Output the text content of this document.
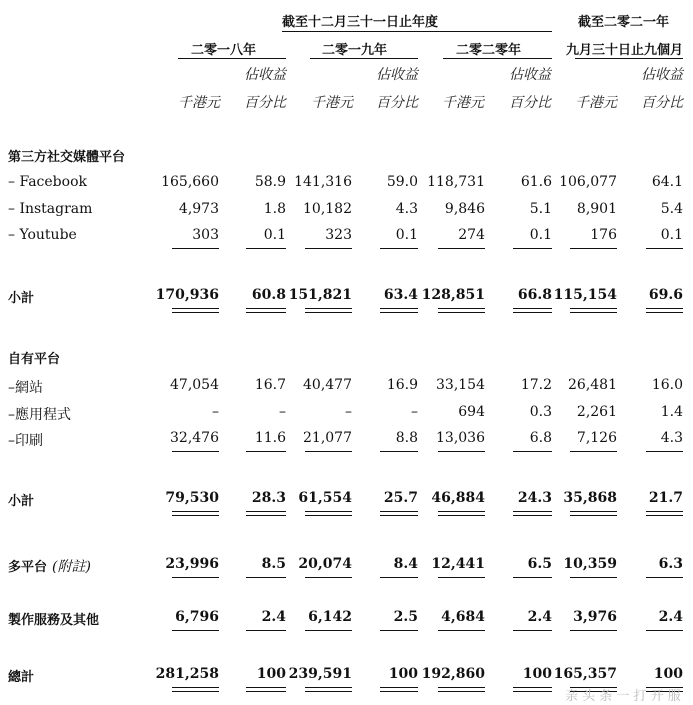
截至十二月三十一日止年度	截至二零二一年
二零一八年	二零一九年	二零二零年	九月三十日止九個月
佔收益	佔收益	佔收益	佔收益
千港元 百分比 千港元 百分比 千港元 百分比 千港元 百分比
第三方社交媒體平台
– Facebook	165,660	58.9 141,316	59.0 118,731	61.6 106,077	64.1
– Instagram	4,973	1.8	10,182	4.3	9,846	5.1	8,901	5.4
– Youtube	303	0.1	323	0.1	274	0.1	176	0.1
小計	170,936	60.8 151,821	63.4 128,851	66.8 115,154	69.6
–網站	47,054	16.7	40,477	16.9	33,154	17.2	26,481	16.0
–應用程式	–	–	–	–	694	0.3	2,261	1.4
–印刷	32,476	11.6	21,077	8.8	13,036	6.8	7,126	4.3
小計	79,530	28.3 61,554	25.7 46,884	24.3 35,868	21.7
多平台 (附註)	23,996	8.5 20,074	8.4 12,441	6.5 10,359	6.3
製作服務及其他	6,796	2.4	6,142	2.5	4,684	2.4	3,976	2.4
總計	281,258	100 239,591	100 192,860	100 165,357	100
自有平台
亲 头 条 一 打 开 服
